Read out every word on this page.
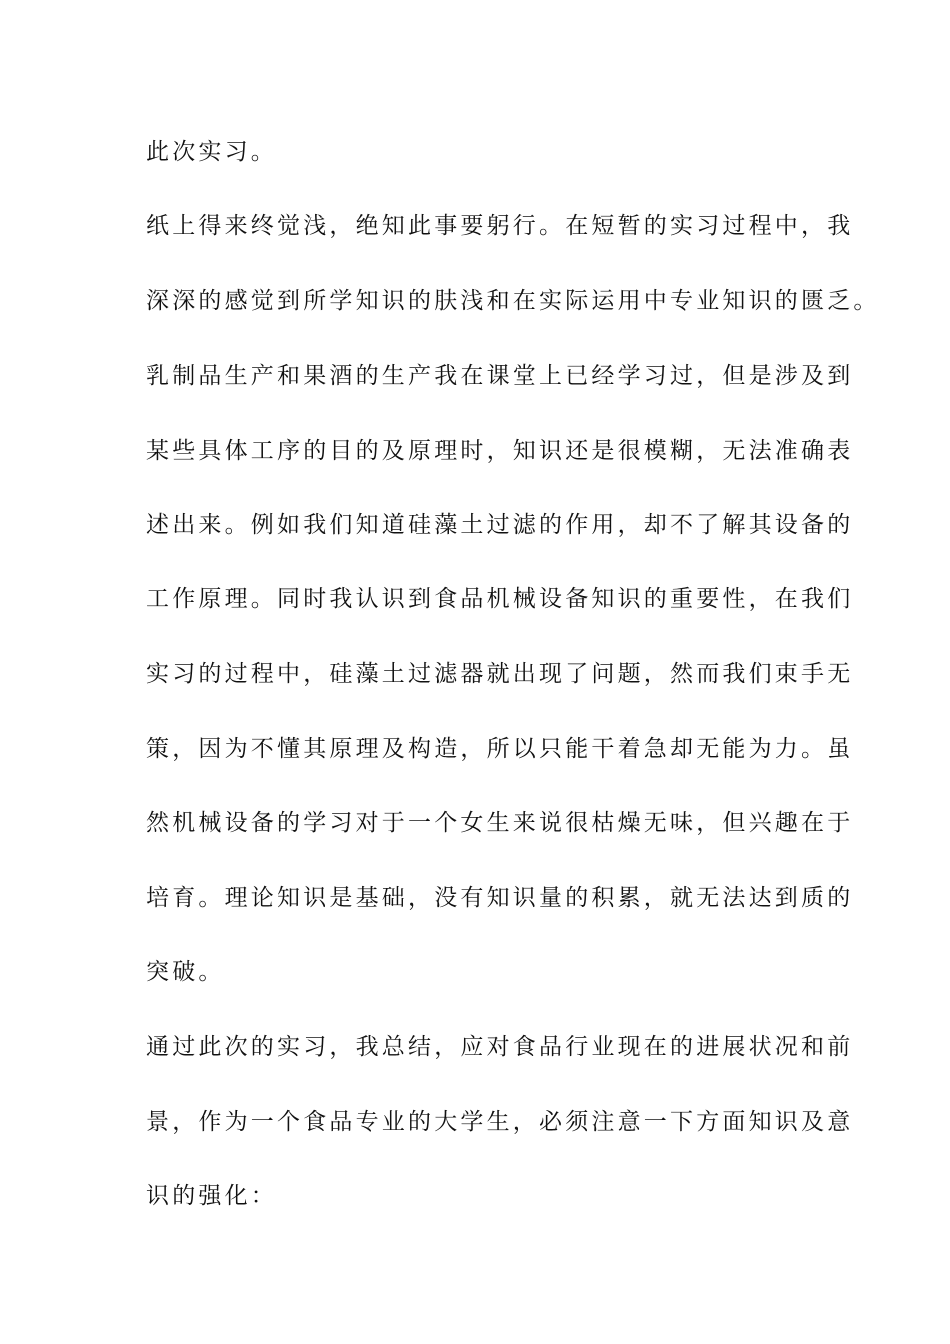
此次实习。

纸上得来终觉浅，绝知此事要躬行。在短暂的实习过程中，我

深深的感觉到所学知识的肤浅和在实际运用中专业知识的匮乏。

乳制品生产和果酒的生产我在课堂上已经学习过，但是涉及到

某些具体工序的目的及原理时，知识还是很模糊，无法准确表

述出来。例如我们知道硅藻土过滤的作用，却不了解其设备的

工作原理。同时我认识到食品机械设备知识的重要性，在我们

实习的过程中，硅藻土过滤器就出现了问题，然而我们束手无

策，因为不懂其原理及构造，所以只能干着急却无能为力。虽

然机械设备的学习对于一个女生来说很枯燥无味，但兴趣在于

培育。理论知识是基础，没有知识量的积累，就无法达到质的

突破。

通过此次的实习，我总结，应对食品行业现在的进展状况和前

景，作为一个食品专业的大学生，必须注意一下方面知识及意

识的强化：
